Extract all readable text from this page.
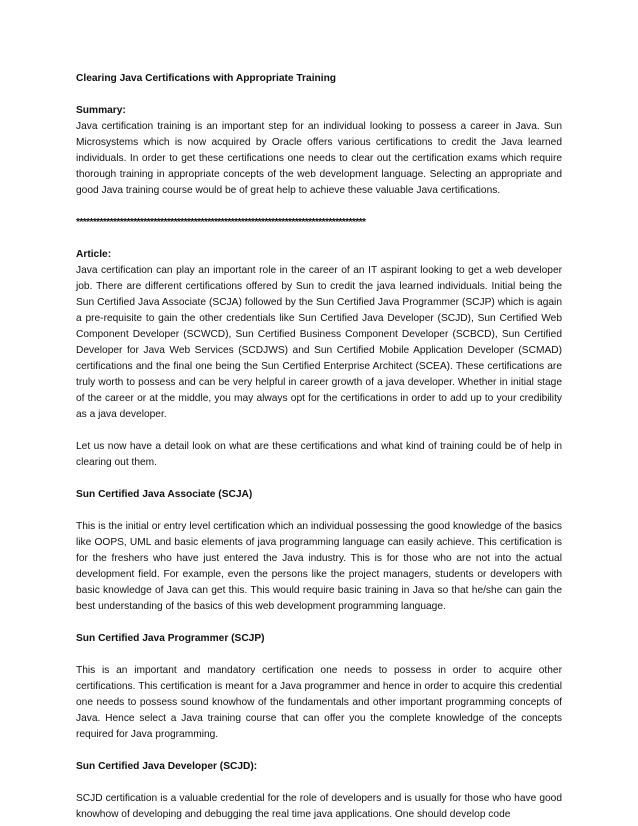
Clearing Java Certifications with Appropriate Training

Summary:

Java certification training is an important step for an individual looking to possess a career in Java. Sun Microsystems which is now acquired by Oracle offers various certifications to credit the Java learned individuals. In order to get these certifications one needs to clear out the certification exams which require thorough training in appropriate concepts of the web development language. Selecting an appropriate and good Java training course would be of great help to achieve these valuable Java certifications.

**************************************************************************************

Article:

Java certification can play an important role in the career of an IT aspirant looking to get a web developer job. There are different certifications offered by Sun to credit the java learned individuals. Initial being the Sun Certified Java Associate (SCJA) followed by the Sun Certified Java Programmer (SCJP) which is again a pre-requisite to gain the other credentials like Sun Certified Java Developer (SCJD), Sun Certified Web Component Developer (SCWCD), Sun Certified Business Component Developer (SCBCD), Sun Certified Developer for Java Web Services (SCDJWS) and Sun Certified Mobile Application Developer (SCMAD) certifications and the final one being the Sun Certified Enterprise Architect (SCEA). These certifications are truly worth to possess and can be very helpful in career growth of a java developer. Whether in initial stage of the career or at the middle, you may always opt for the certifications in order to add up to your credibility as a java developer.

Let us now have a detail look on what are these certifications and what kind of training could be of help in clearing out them.

Sun Certified Java Associate (SCJA)

This is the initial or entry level certification which an individual possessing the good knowledge of the basics like OOPS, UML and basic elements of java programming language can easily achieve. This certification is for the freshers who have just entered the Java industry. This is for those who are not into the actual development field. For example, even the persons like the project managers, students or developers with basic knowledge of Java can get this. This would require basic training in Java so that he/she can gain the best understanding of the basics of this web development programming language.

Sun Certified Java Programmer (SCJP)

This is an important and mandatory certification one needs to possess in order to acquire other certifications. This certification is meant for a Java programmer and hence in order to acquire this credential one needs to possess sound knowhow of the fundamentals and other important programming concepts of Java. Hence select a Java training course that can offer you the complete knowledge of the concepts required for Java programming.

Sun Certified Java Developer (SCJD):

SCJD certification is a valuable credential for the role of developers and is usually for those who have good knowhow of developing and debugging the real time java applications. One should develop code
